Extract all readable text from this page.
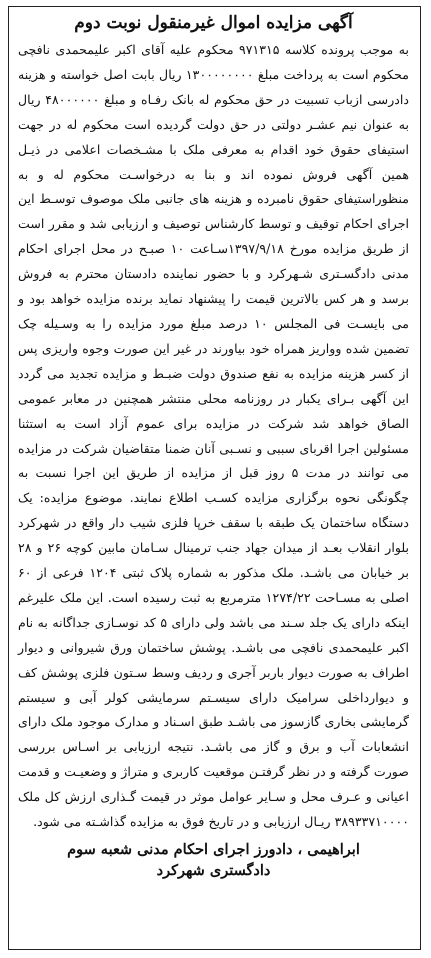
آگهی مزایده اموال غیرمنقول نوبت دوم

به موجب پرونده کلاسه ۹۷۱۳۱۵ محکوم علیه آقای اکبر علیمحمدی نافچی محکوم است به پرداخت مبلغ ۱۳۰۰۰۰۰۰۰۰ ریال بابت اصل خواسته و هزینه دادرسی ازباب تسبیت در حق محکوم له بانک رفـاه و مبلغ ۴۸۰۰۰۰۰۰ ریال به عنوان نیم عشـر دولتی در حق دولت گردیده است محکوم له در جهت استیفای حقوق خود اقدام به معرفی ملک با مشـخصات اعلامی در ذیـل همین آگهی فروش نموده اند و بنا به درخواسـت محکوم له و به منظوراستیفای حقوق نامبرده و هزینه های جانبی ملک موصوف توسـط این اجرای احکام توقیف و توسط کارشناس توصیف و ارزیابی شد و مقرر است از طریق مزایده مورخ ۱۳۹۷/۹/۱۸سـاعت ۱۰ صبـح در محل اجرای احکام مدنی دادگسـتری شـهرکرد و با حضور نماینده دادستان محترم به فروش برسد و هر کس بالاترین قیمت را پیشنهاد نماید برنده مزایده خواهد بود و می بایسـت فی المجلس ۱۰ درصد مبلغ مورد مزایده را به وسـیله چک تضمین شده وواریز همراه خود بیاورند در غیر این صورت وجوه واریزی پس از کسر هزینه مزایده به نفع صندوق دولت ضبـط و مزایده تجدید می گردد این آگهی بـرای یکبار در روزنامه محلی منتشر همچنین در معابر عمومی الصاق خواهد شد شرکت در مزایده برای عموم آزاد است به استثنا مسئولین اجرا اقربای سببی و نسـبی آنان ضمنا متقاضیان شرکت در مزایده می توانند در مدت ۵ روز قبل از مزایده از طریق این اجرا نسبت به چگونگی نحوه برگزاری مزایده کسـب اطلاع نمایند. موضوع مزایده: یک دستگاه ساختمان یک طبقه با سقف خرپا فلزی شیب دار واقع در شهرکرد بلوار انقلاب بعـد از میدان جهاد جنب ترمینال سـامان مابین کوچه ۲۶ و ۲۸ بر خیابان می باشـد. ملک مذکور به شماره پلاک ثبتی ۱۲۰۴ فرعی از ۶۰ اصلی به مسـاحت ۱۲۷۴/۲۲ مترمربع به ثبت رسیده است. این ملک علیرغم اینکه دارای یک جلد سـند می باشد ولی دارای ۵ کد نوسـازی جداگانه به نام اکبر علیمحمدی نافچی می باشـد. پوشش ساختمان ورق شیروانی و دیوار اطراف به صورت دیوار باربر آجری و ردیف وسط سـتون فلزی پوشش کف و دیوارداخلی سرامیک دارای سیسـتم سرمایشی کولر آبی و سیستم گرمایشی بخاری گازسوز می باشـد طبق اسـناد و مدارک موجود ملک دارای انشعابات آب و برق و گاز می باشـد. نتیجه ارزیابی بر اسـاس بررسی صورت گرفته و در نظر گرفتـن موقعیت کاربری و متراژ و وضعیـت و قدمت اعیانی و عـرف محل و سـایر عوامل موثر در قیمت گـذاری ارزش کل ملک ۳۸۹۳۳۷۱۰۰۰۰ ریـال ارزیابی و در تاریخ فوق به مزایده گذاشـته می شود.

ابراهیمی ، دادورز اجرای احکام مدنی شعبه سوم
دادگستری شهرکرد
